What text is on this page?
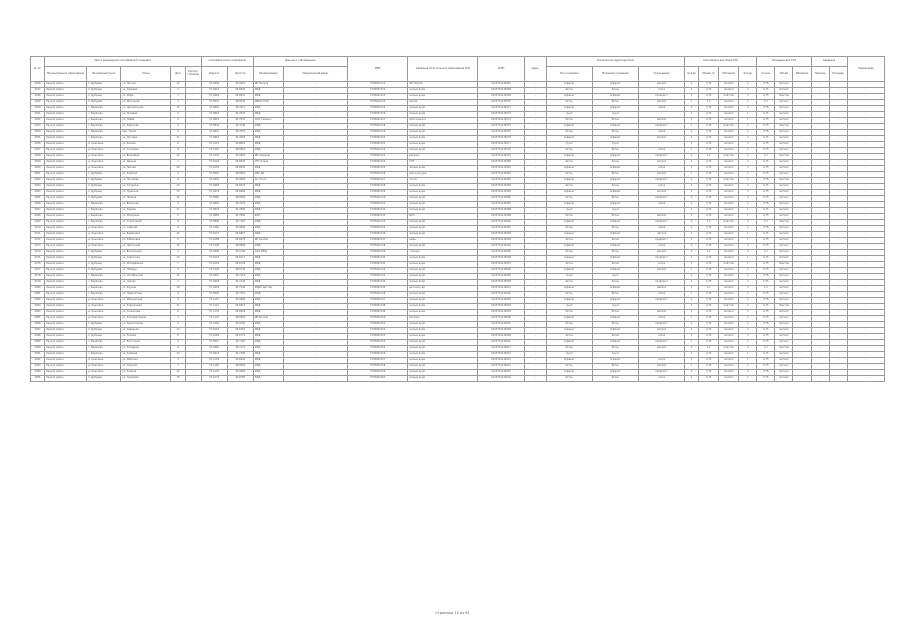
№ п/п	Место размещения контейнерной площадки					Географические координаты		Данные о собственнике		ИНН	Сведения об источниках образования ТКО	ОГРН	Адрес	Технические характеристики			Контейнеры для сбора ТКО				Площадка для КГО			Сведения		Примечание
	Муниципальное образование	Населённый пункт	Улица	Дом	Корпус/строение	Широта	Долгота	Наименование	Юридический адрес					Тип основания	Материал основания	Ограждение	Кол-во	Объём, м³	Материал	Кол-во	Кол-во	Объём	Материал	Наличие	Площадь	
4446	Лесной район	п. Дубрава	ул. Лесная	12	-	57.0904	40.6614	ИП Петров	-	3705002111	ИП Петров	1023701234567	-	асфальт	асфальт	металл	1	0,75	металл	1	0,75	металл	-	-	-	-
4447	Лесной район	п. Дубрава	ул. Садовая	3	-	57.0912	40.6620	МКД	-	3705002112	жилые дома	1023701234568	-	бетон	бетон	сетка	2	0,75	металл	2	0,75	металл	-	-	-	-
4448	Лесной район	п. Дубрава	ул. Мира	7	-	57.0920	40.6631	МКД	-	3705002113	жилые дома	1023701234569	-	асфальт	асфальт	профлист	1	0,75	пластик	1	0,75	пластик	-	-	-	-
4449	Лесной район	п. Дубрава	ул. Школьная	1	-	57.0931	40.6642	МБОУ СОШ	-	3705002114	школа	1023701234570	-	бетон	бетон	металл	1	1,1	металл	1	1,1	металл	-	-	-	-
4450	Лесной район	с. Берёзово	ул. Центральная	15	-	57.0802	40.7011	МКД	-	3705002115	жилые дома	1023701234571	-	асфальт	асфальт	сетка	2	0,75	металл	2	0,75	металл	-	-	-	-
4451	Лесной район	с. Берёзово	ул. Полевая	4	-	57.0815	40.7023	МКД	-	3705002116	жилые дома	1023701234572	-	грунт	грунт	-	1	0,75	металл	1	0,75	металл	-	-	-	-
4452	Лесной район	с. Берёзово	ул. Новая	9	-	57.0823	40.7035	ООО Сельхоз	-	3705002117	ООО Сельхоз	1023701234573	-	бетон	бетон	металл	1	0,75	металл	1	0,75	металл	-	-	-	-
4453	Лесной район	с. Берёзово	ул. Заречная	2	-	57.0834	40.7046	МКД	-	3705002118	жилые дома	1023701234574	-	асфальт	асфальт	профлист	1	0,75	пластик	1	0,75	пластик	-	-	-	-
4454	Лесной район	с. Берёзово	пер. Тихий	5	-	57.0841	40.7052	МКД	-	3705002119	жилые дома	1023701234575	-	бетон	бетон	сетка	1	0,75	металл	1	0,75	металл	-	-	-	-
4455	Лесной район	с. Берёзово	ул. Луговая	11	-	57.0852	40.7063	МКД	-	3705002120	жилые дома	1023701234576	-	асфальт	асфальт	металл	2	0,75	металл	2	0,75	металл	-	-	-	-
4456	Лесной район	д. Ольховка	ул. Речная	6	-	57.1011	40.6801	МКД	-	3705002121	жилые дома	1023701234577	-	грунт	грунт	-	1	0,75	металл	1	0,75	металл	-	-	-	-
4457	Лесной район	д. Ольховка	ул. Сосновая	8	-	57.1022	40.6812	МКД	-	3705002122	жилые дома	1023701234578	-	бетон	бетон	сетка	1	0,75	металл	1	0,75	металл	-	-	-	-
4458	Лесной район	д. Ольховка	ул. Вишнёвая	14	-	57.1033	40.6823	ИП Сидоров	-	3705002123	магазин	1023701234579	-	асфальт	асфальт	профлист	1	1,1	пластик	1	1,1	пластик	-	-	-	-
4459	Лесной район	д. Ольховка	ул. Дачная	1	-	57.1044	40.6834	СНТ Ольха	-	3705002124	СНТ	1023701234580	-	бетон	бетон	металл	3	0,75	металл	3	0,75	металл	-	-	-	-
4460	Лесной район	д. Ольховка	ул. Лесная	20	-	57.1055	40.6845	МКД	-	3705002125	жилые дома	1023701234581	-	асфальт	асфальт	сетка	1	0,75	металл	1	0,75	металл	-	-	-	-
4461	Лесной район	п. Дубрава	ул. Клубная	2	-	57.0941	40.6651	МУК ДК	-	3705002126	дом культуры	1023701234582	-	бетон	бетон	металл	1	0,75	металл	1	0,75	металл	-	-	-	-
4462	Лесной район	п. Дубрава	ул. Почтовая	4	-	57.0952	40.6662	АО Почта	-	3705002127	почта	1023701234583	-	асфальт	асфальт	профлист	1	0,75	пластик	1	0,75	пластик	-	-	-	-
4463	Лесной район	п. Дубрава	ул. Гагарина	10	-	57.0963	40.6673	МКД	-	3705002128	жилые дома	1023701234584	-	бетон	бетон	сетка	2	0,75	металл	2	0,75	металл	-	-	-	-
4464	Лесной район	п. Дубрава	ул. Пушкина	13	-	57.0974	40.6684	МКД	-	3705002129	жилые дома	1023701234585	-	асфальт	асфальт	металл	1	0,75	металл	1	0,75	металл	-	-	-	-
4465	Лесной район	п. Дубрава	ул. Ленина	22	-	57.0985	40.6695	МКД	-	3705002130	жилые дома	1023701234586	-	бетон	бетон	профлист	2	0,75	металл	2	0,75	металл	-	-	-	-
4466	Лесной район	с. Берёзово	ул. Весенняя	3	-	57.0863	40.7074	МКД	-	3705002131	жилые дома	1023701234587	-	асфальт	асфальт	сетка	1	0,75	металл	1	0,75	металл	-	-	-	-
4467	Лесной район	с. Берёзово	ул. Кирова	17	-	57.0874	40.7085	МКД	-	3705002132	жилые дома	1023701234588	-	грунт	грунт	-	1	0,75	металл	1	0,75	металл	-	-	-	-
4468	Лесной район	с. Берёзово	ул. Мичурина	6	-	57.0885	40.7096	ФАП	-	3705002133	ФАП	1023701234589	-	бетон	бетон	металл	1	0,75	металл	1	0,75	металл	-	-	-	-
4469	Лесной район	с. Берёзово	ул. Строителей	8	-	57.0896	40.7107	МКД	-	3705002134	жилые дома	1023701234590	-	асфальт	асфальт	профлист	2	1,1	пластик	2	1,1	пластик	-	-	-	-
4470	Лесной район	д. Ольховка	ул. Озёрная	9	-	57.1066	40.6856	МКД	-	3705002135	жилые дома	1023701234591	-	бетон	бетон	сетка	1	0,75	металл	1	0,75	металл	-	-	-	-
4471	Лесной район	д. Ольховка	ул. Берёзовая	12	-	57.1077	40.6867	МКД	-	3705002136	жилые дома	1023701234592	-	асфальт	асфальт	металл	1	0,75	металл	1	0,75	металл	-	-	-	-
4472	Лесной район	д. Ольховка	ул. Рябиновая	5	-	57.1088	40.6878	ИП Козлов	-	3705002137	кафе	1023701234593	-	бетон	бетон	профлист	1	0,75	металл	1	0,75	металл	-	-	-	-
4473	Лесной район	д. Ольховка	ул. Цветочная	16	-	57.1099	40.6889	МКД	-	3705002138	жилые дома	1023701234594	-	асфальт	асфальт	сетка	2	0,75	металл	2	0,75	металл	-	-	-	-
4474	Лесной район	п. Дубрава	ул. Вокзальная	1	-	57.0996	40.6706	ОАО РЖД	-	3705002139	станция	1023701234595	-	бетон	бетон	металл	2	1,1	металл	2	1,1	металл	-	-	-	-
4475	Лесной район	п. Дубрава	ул. Советская	19	-	57.1007	40.6717	МКД	-	3705002140	жилые дома	1023701234596	-	асфальт	асфальт	профлист	1	0,75	металл	1	0,75	металл	-	-	-	-
4476	Лесной район	п. Дубрава	ул. Молодёжная	7	-	57.1018	40.6728	МКД	-	3705002141	жилые дома	1023701234597	-	бетон	бетон	сетка	1	0,75	пластик	1	0,75	пластик	-	-	-	-
4477	Лесной район	п. Дубрава	ул. Победы	3	-	57.1029	40.6739	МКД	-	3705002142	жилые дома	1023701234598	-	асфальт	асфальт	металл	1	0,75	металл	1	0,75	металл	-	-	-	-
4478	Лесной район	с. Берёзово	ул. Октябрьская	21	-	57.0907	40.7118	МКД	-	3705002143	жилые дома	1023701234599	-	грунт	грунт	-	1	0,75	металл	1	0,75	металл	-	-	-	-
4479	Лесной район	с. Берёзово	ул. Чехова	2	-	57.0918	40.7129	МКД	-	3705002144	жилые дома	1023701234600	-	бетон	бетон	профлист	2	0,75	металл	2	0,75	металл	-	-	-	-
4480	Лесной район	с. Берёзово	ул. Фрунзе	10	-	57.0929	40.7140	МДОУ Детсад	-	3705002145	детский сад	1023701234601	-	асфальт	асфальт	металл	1	1,1	металл	1	1,1	металл	-	-	-	-
4481	Лесной район	с. Берёзово	ул. Лермонтова	4	-	57.0940	40.7151	МКД	-	3705002146	жилые дома	1023701234602	-	бетон	бетон	сетка	1	0,75	металл	1	0,75	металл	-	-	-	-
4482	Лесной район	д. Ольховка	ул. Мельничная	3	-	57.1110	40.6900	МКД	-	3705002147	жилые дома	1023701234603	-	асфальт	асфальт	профлист	1	0,75	металл	1	0,75	металл	-	-	-	-
4483	Лесной район	д. Ольховка	ул. Родниковая	11	-	57.1121	40.6911	МКД	-	3705002148	жилые дома	1023701234604	-	грунт	грунт	-	1	0,75	пластик	1	0,75	пластик	-	-	-	-
4484	Лесной район	д. Ольховка	ул. Солнечная	6	-	57.1132	40.6922	МКД	-	3705002149	жилые дома	1023701234605	-	бетон	бетон	металл	2	0,75	металл	2	0,75	металл	-	-	-	-
4485	Лесной район	д. Ольховка	ул. Кооперативная	1	-	57.1143	40.6933	ИП Волков	-	3705002150	магазин	1023701234606	-	асфальт	асфальт	сетка	1	0,75	металл	1	0,75	металл	-	-	-	-
4486	Лесной район	п. Дубрава	ул. Энергетиков	5	-	57.1040	40.6750	МКД	-	3705002151	жилые дома	1023701234607	-	бетон	бетон	профлист	1	0,75	металл	1	0,75	металл	-	-	-	-
4487	Лесной район	п. Дубрава	ул. Северная	14	-	57.1051	40.6761	МКД	-	3705002152	жилые дома	1023701234608	-	асфальт	асфальт	металл	2	0,75	металл	2	0,75	металл	-	-	-	-
4488	Лесной район	п. Дубрава	ул. Южная	8	-	57.1062	40.6772	МКД	-	3705002153	жилые дома	1023701234609	-	бетон	бетон	сетка	1	0,75	металл	1	0,75	металл	-	-	-	-
4489	Лесной район	с. Берёзово	ул. Восточная	2	-	57.0951	40.7162	МКД	-	3705002154	жилые дома	1023701234610	-	асфальт	асфальт	профлист	1	0,75	металл	1	0,75	металл	-	-	-	-
4490	Лесной район	с. Берёзово	ул. Западная	9	-	57.0962	40.7173	МКД	-	3705002155	жилые дома	1023701234611	-	бетон	бетон	металл	2	1,1	пластик	2	1,1	пластик	-	-	-	-
4491	Лесной район	с. Берёзово	ул. Зелёная	13	-	57.0973	40.7184	МКД	-	3705002156	жилые дома	1023701234612	-	грунт	грунт	-	1	0,75	металл	1	0,75	металл	-	-	-	-
4492	Лесной район	д. Ольховка	ул. Майская	4	-	57.1154	40.6944	МКД	-	3705002157	жилые дома	1023701234613	-	асфальт	асфальт	сетка	1	0,75	металл	1	0,75	металл	-	-	-	-
4493	Лесной район	д. Ольховка	ул. Осенняя	7	-	57.1165	40.6955	МКД	-	3705002158	жилые дома	1023701234614	-	бетон	бетон	металл	1	0,75	металл	1	0,75	металл	-	-	-	-
4494	Лесной район	д. Ольховка	ул. Зимняя	10	-	57.1176	40.6966	МКД	-	3705002159	жилые дома	1023701234615	-	асфальт	асфальт	профлист	2	0,75	металл	2	0,75	металл	-	-	-	-
4495	Лесной район	п. Дубрава	ул. Трудовая	18	-	57.1073	40.6783	МКД	-	3705002160	жилые дома	1023701234616	-	бетон	бетон	сетка	1	0,75	металл	1	0,75	металл	-	-	-	-
Страница 15 из 61
